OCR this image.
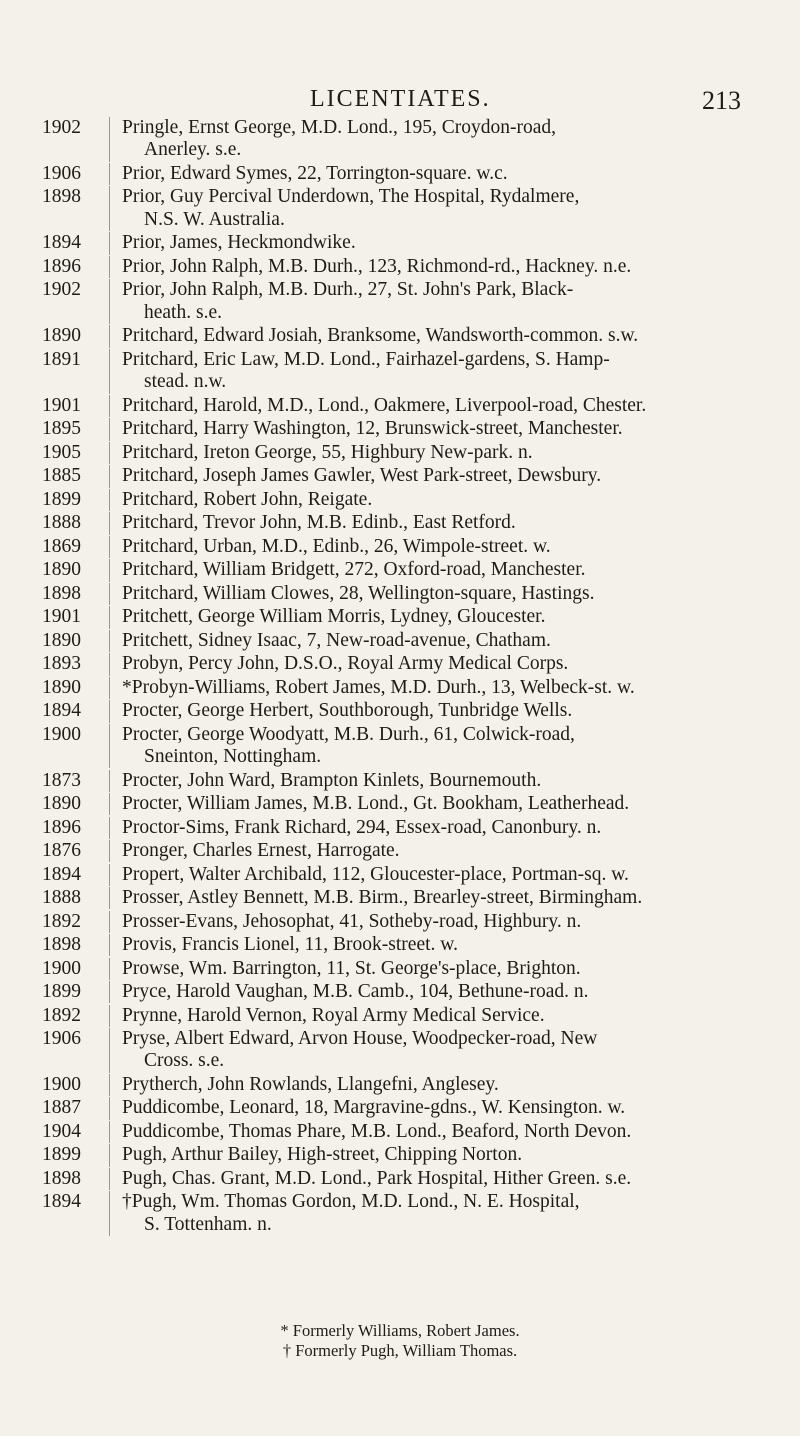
LICENTIATES.	213
1902	Pringle, Ernst George, M.D. Lond., 195, Croydon-road,
Anerley. s.e.
1906	Prior, Edward Symes, 22, Torrington-square. w.c.
1898	Prior, Guy Percival Underdown, The Hospital, Rydalmere,
N.S. W. Australia.
1894	Prior, James, Heckmondwike.
1896	Prior, John Ralph, M.B. Durh., 123, Richmond-rd., Hackney. n.e.
1902	Prior, John Ralph, M.B. Durh., 27, St. John's Park, Black-
heath. s.e.
1890	Pritchard, Edward Josiah, Branksome, Wandsworth-common. s.w.
1891	Pritchard, Eric Law, M.D. Lond., Fairhazel-gardens, S. Hamp-
stead. n.w.
1901	Pritchard, Harold, M.D., Lond., Oakmere, Liverpool-road, Chester.
1895	Pritchard, Harry Washington, 12, Brunswick-street, Manchester.
1905	Pritchard, Ireton George, 55, Highbury New-park. n.
1885	Pritchard, Joseph James Gawler, West Park-street, Dewsbury.
1899	Pritchard, Robert John, Reigate.
1888	Pritchard, Trevor John, M.B. Edinb., East Retford.
1869	Pritchard, Urban, M.D., Edinb., 26, Wimpole-street. w.
1890	Pritchard, William Bridgett, 272, Oxford-road, Manchester.
1898	Pritchard, William Clowes, 28, Wellington-square, Hastings.
1901	Pritchett, George William Morris, Lydney, Gloucester.
1890	Pritchett, Sidney Isaac, 7, New-road-avenue, Chatham.
1893	Probyn, Percy John, D.S.O., Royal Army Medical Corps.
1890	*Probyn-Williams, Robert James, M.D. Durh., 13, Welbeck-st. w.
1894	Procter, George Herbert, Southborough, Tunbridge Wells.
1900	Procter, George Woodyatt, M.B. Durh., 61, Colwick-road,
Sneinton, Nottingham.
1873	Procter, John Ward, Brampton Kinlets, Bournemouth.
1890	Procter, William James, M.B. Lond., Gt. Bookham, Leatherhead.
1896	Proctor-Sims, Frank Richard, 294, Essex-road, Canonbury. n.
1876	Pronger, Charles Ernest, Harrogate.
1894	Propert, Walter Archibald, 112, Gloucester-place, Portman-sq. w.
1888	Prosser, Astley Bennett, M.B. Birm., Brearley-street, Birmingham.
1892	Prosser-Evans, Jehosophat, 41, Sotheby-road, Highbury. n.
1898	Provis, Francis Lionel, 11, Brook-street. w.
1900	Prowse, Wm. Barrington, 11, St. George's-place, Brighton.
1899	Pryce, Harold Vaughan, M.B. Camb., 104, Bethune-road. n.
1892	Prynne, Harold Vernon, Royal Army Medical Service.
1906	Pryse, Albert Edward, Arvon House, Woodpecker-road, New
Cross. s.e.
1900	Prytherch, John Rowlands, Llangefni, Anglesey.
1887	Puddicombe, Leonard, 18, Margravine-gdns., W. Kensington. w.
1904	Puddicombe, Thomas Phare, M.B. Lond., Beaford, North Devon.
1899	Pugh, Arthur Bailey, High-street, Chipping Norton.
1898	Pugh, Chas. Grant, M.D. Lond., Park Hospital, Hither Green. s.e.
1894	†Pugh, Wm. Thomas Gordon, M.D. Lond., N. E. Hospital,
S. Tottenham. n.
* Formerly Williams, Robert James.
† Formerly Pugh, William Thomas.
